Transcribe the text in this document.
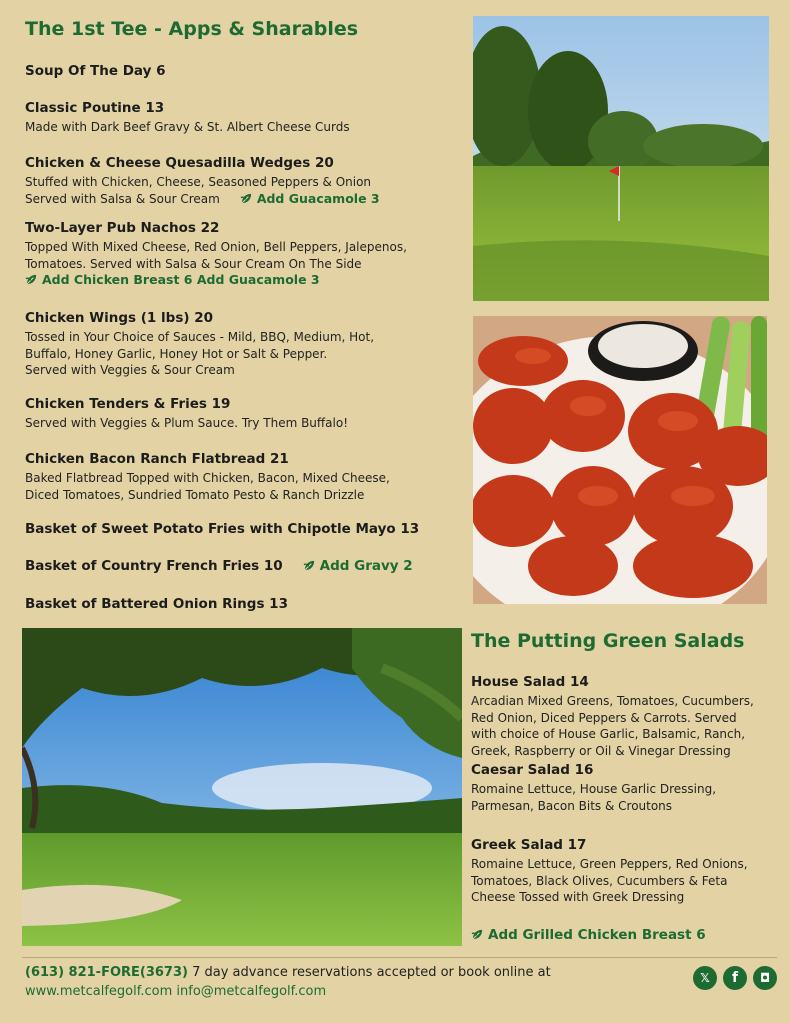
The 1st Tee - Apps & Sharables
Soup Of The Day 6
Classic Poutine 13
Made with Dark Beef Gravy & St. Albert Cheese Curds
Chicken & Cheese Quesadilla Wedges 20
Stuffed with Chicken, Cheese, Seasoned Peppers & Onion
Served with Salsa & Sour Cream	Add Guacamole 3
Two-Layer Pub Nachos 22
Topped With Mixed Cheese, Red Onion, Bell Peppers, Jalepenos,
Tomatoes. Served with Salsa & Sour Cream On The Side
Add Chicken Breast 6 Add Guacamole 3
Chicken Wings (1 lbs) 20
Tossed in Your Choice of Sauces - Mild, BBQ, Medium, Hot,
Buffalo, Honey Garlic, Honey Hot or Salt & Pepper.
Served with Veggies & Sour Cream
Chicken Tenders & Fries 19
Served with Veggies & Plum Sauce. Try Them Buffalo!
Chicken Bacon Ranch Flatbread 21
Baked Flatbread Topped with Chicken, Bacon, Mixed Cheese,
Diced Tomatoes, Sundried Tomato Pesto & Ranch Drizzle
Basket of Sweet Potato Fries with Chipotle Mayo 13
Basket of Country French Fries 10	Add Gravy 2
Basket of Battered Onion Rings 13
The Putting Green Salads
House Salad 14
Arcadian Mixed Greens, Tomatoes, Cucumbers,
Red Onion, Diced Peppers & Carrots. Served
with choice of House Garlic, Balsamic, Ranch,
Greek, Raspberry or Oil & Vinegar Dressing
Caesar Salad 16
Romaine Lettuce, House Garlic Dressing,
Parmesan, Bacon Bits & Croutons
Greek Salad 17
Romaine Lettuce, Green Peppers, Red Onions,
Tomatoes, Black Olives, Cucumbers & Feta
Cheese Tossed with Greek Dressing
Add Grilled Chicken Breast 6
(613) 821-FORE(3673) 7 day advance reservations accepted or book online at
www.metcalfegolf.com info@metcalfegolf.com
𝕏	f	◘
